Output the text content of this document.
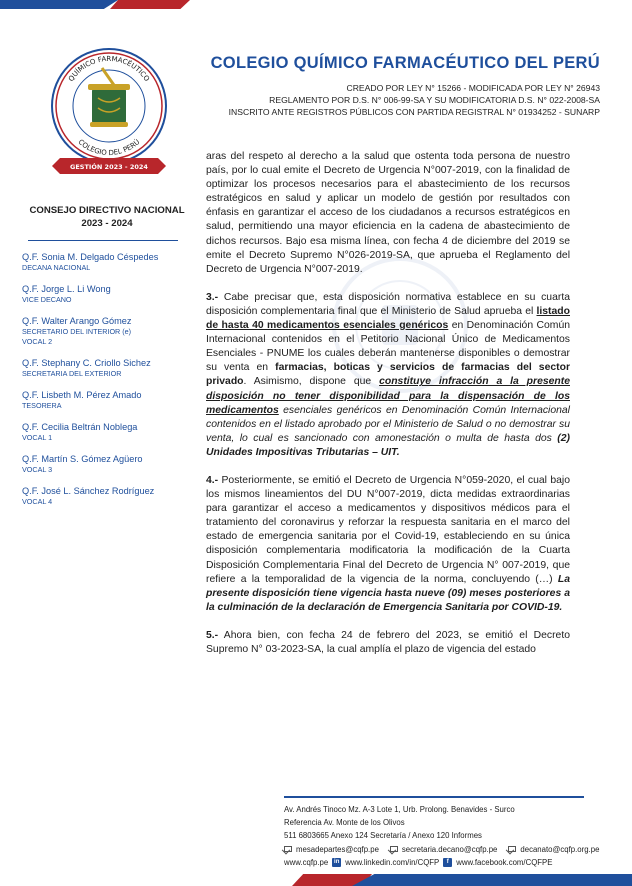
QUÍMICO FARMACÉUTICO
COLEGIO DEL PERÚ
GESTIÓN 2023 - 2024
COLEGIO QUÍMICO FARMACÉUTICO DEL PERÚ
CREADO POR LEY N° 15266 - MODIFICADA POR LEY N° 26943
REGLAMENTO POR D.S. N° 006-99-SA Y SU MODIFICATORIA D.S. N° 022-2008-SA
INSCRITO ANTE REGISTROS PÚBLICOS CON PARTIDA REGISTRAL N° 01934252 - SUNARP
CONSEJO DIRECTIVO NACIONAL
2023 - 2024
Q.F. Sonia M. Delgado Céspedes
DECANA NACIONAL
Q.F. Jorge L. Li Wong
VICE DECANO
Q.F. Walter Arango Gómez
SECRETARIO DEL INTERIOR (e)
VOCAL 2
Q.F. Stephany C. Criollo Sichez
SECRETARIA DEL EXTERIOR
Q.F. Lisbeth M. Pérez Amado
TESORERA
Q.F. Cecilia Beltrán Noblega
VOCAL 1
Q.F. Martín S. Gómez Agüero
VOCAL 3
Q.F. José L. Sánchez Rodríguez
VOCAL 4

aras del respeto al derecho a la salud que ostenta toda persona de nuestro país, por lo cual emite el Decreto de Urgencia N°007-2019, con la finalidad de optimizar los procesos necesarios para el abastecimiento de los recursos estratégicos en salud y aplicar un modelo de gestión por resultados con énfasis en garantizar el acceso de los ciudadanos a recursos estratégicos en salud, permitiendo una mayor eficiencia en la cadena de abastecimiento de dichos recursos. Bajo esa misma línea, con fecha 4 de diciembre del 2019 se emite el Decreto Supremo N°026-2019-SA, que aprueba el Reglamento del Decreto de Urgencia N°007-2019.

3.- Cabe precisar que, esta disposición normativa establece en su cuarta disposición complementaria final que el Ministerio de Salud aprueba el listado de hasta 40 medicamentos esenciales genéricos en Denominación Común Internacional contenidos en el Petitorio Nacional Único de Medicamentos Esenciales - PNUME los cuales deberán mantenerse disponibles o demostrar su venta en farmacias, boticas y servicios de farmacias del sector privado. Asimismo, dispone que constituye infracción a la presente disposición no tener disponibilidad para la dispensación de los medicamentos esenciales genéricos en Denominación Común Internacional contenidos en el listado aprobado por el Ministerio de Salud o no demostrar su venta, lo cual es sancionado con amonestación o multa de hasta dos (2) Unidades Impositivas Tributarias – UIT.

4.- Posteriormente, se emitió el Decreto de Urgencia N°059-2020, el cual bajo los mismos lineamientos del DU N°007-2019, dicta medidas extraordinarias para garantizar el acceso a medicamentos y dispositivos médicos para el tratamiento del coronavirus y reforzar la respuesta sanitaria en el marco del estado de emergencia sanitaria por el Covid-19, estableciendo en su única disposición complementaria modificatoria la modificación de la Cuarta Disposición Complementaria Final del Decreto de Urgencia N° 007-2019, que refiere a la temporalidad de la vigencia de la norma, concluyendo (…) La presente disposición tiene vigencia hasta nueve (09) meses posteriores a la culminación de la declaración de Emergencia Sanitaria por COVID-19.

5.- Ahora bien, con fecha 24 de febrero del 2023, se emitió el Decreto Supremo N° 03-2023-SA, la cual amplía el plazo de vigencia del estado

Av. Andrés Tinoco Mz. A-3 Lote 1, Urb. Prolong. Benavides - Surco
Referencia Av. Monte de los Olivos
511 6803665 Anexo 124 Secretaría / Anexo 120 Informes
mesadepartes@cqfp.pe	secretaria.decano@cqfp.pe	decanato@cqfp.org.pe
www.cqfp.pe in www.linkedin.com/in/CQFP	f www.facebook.com/CQFPE
